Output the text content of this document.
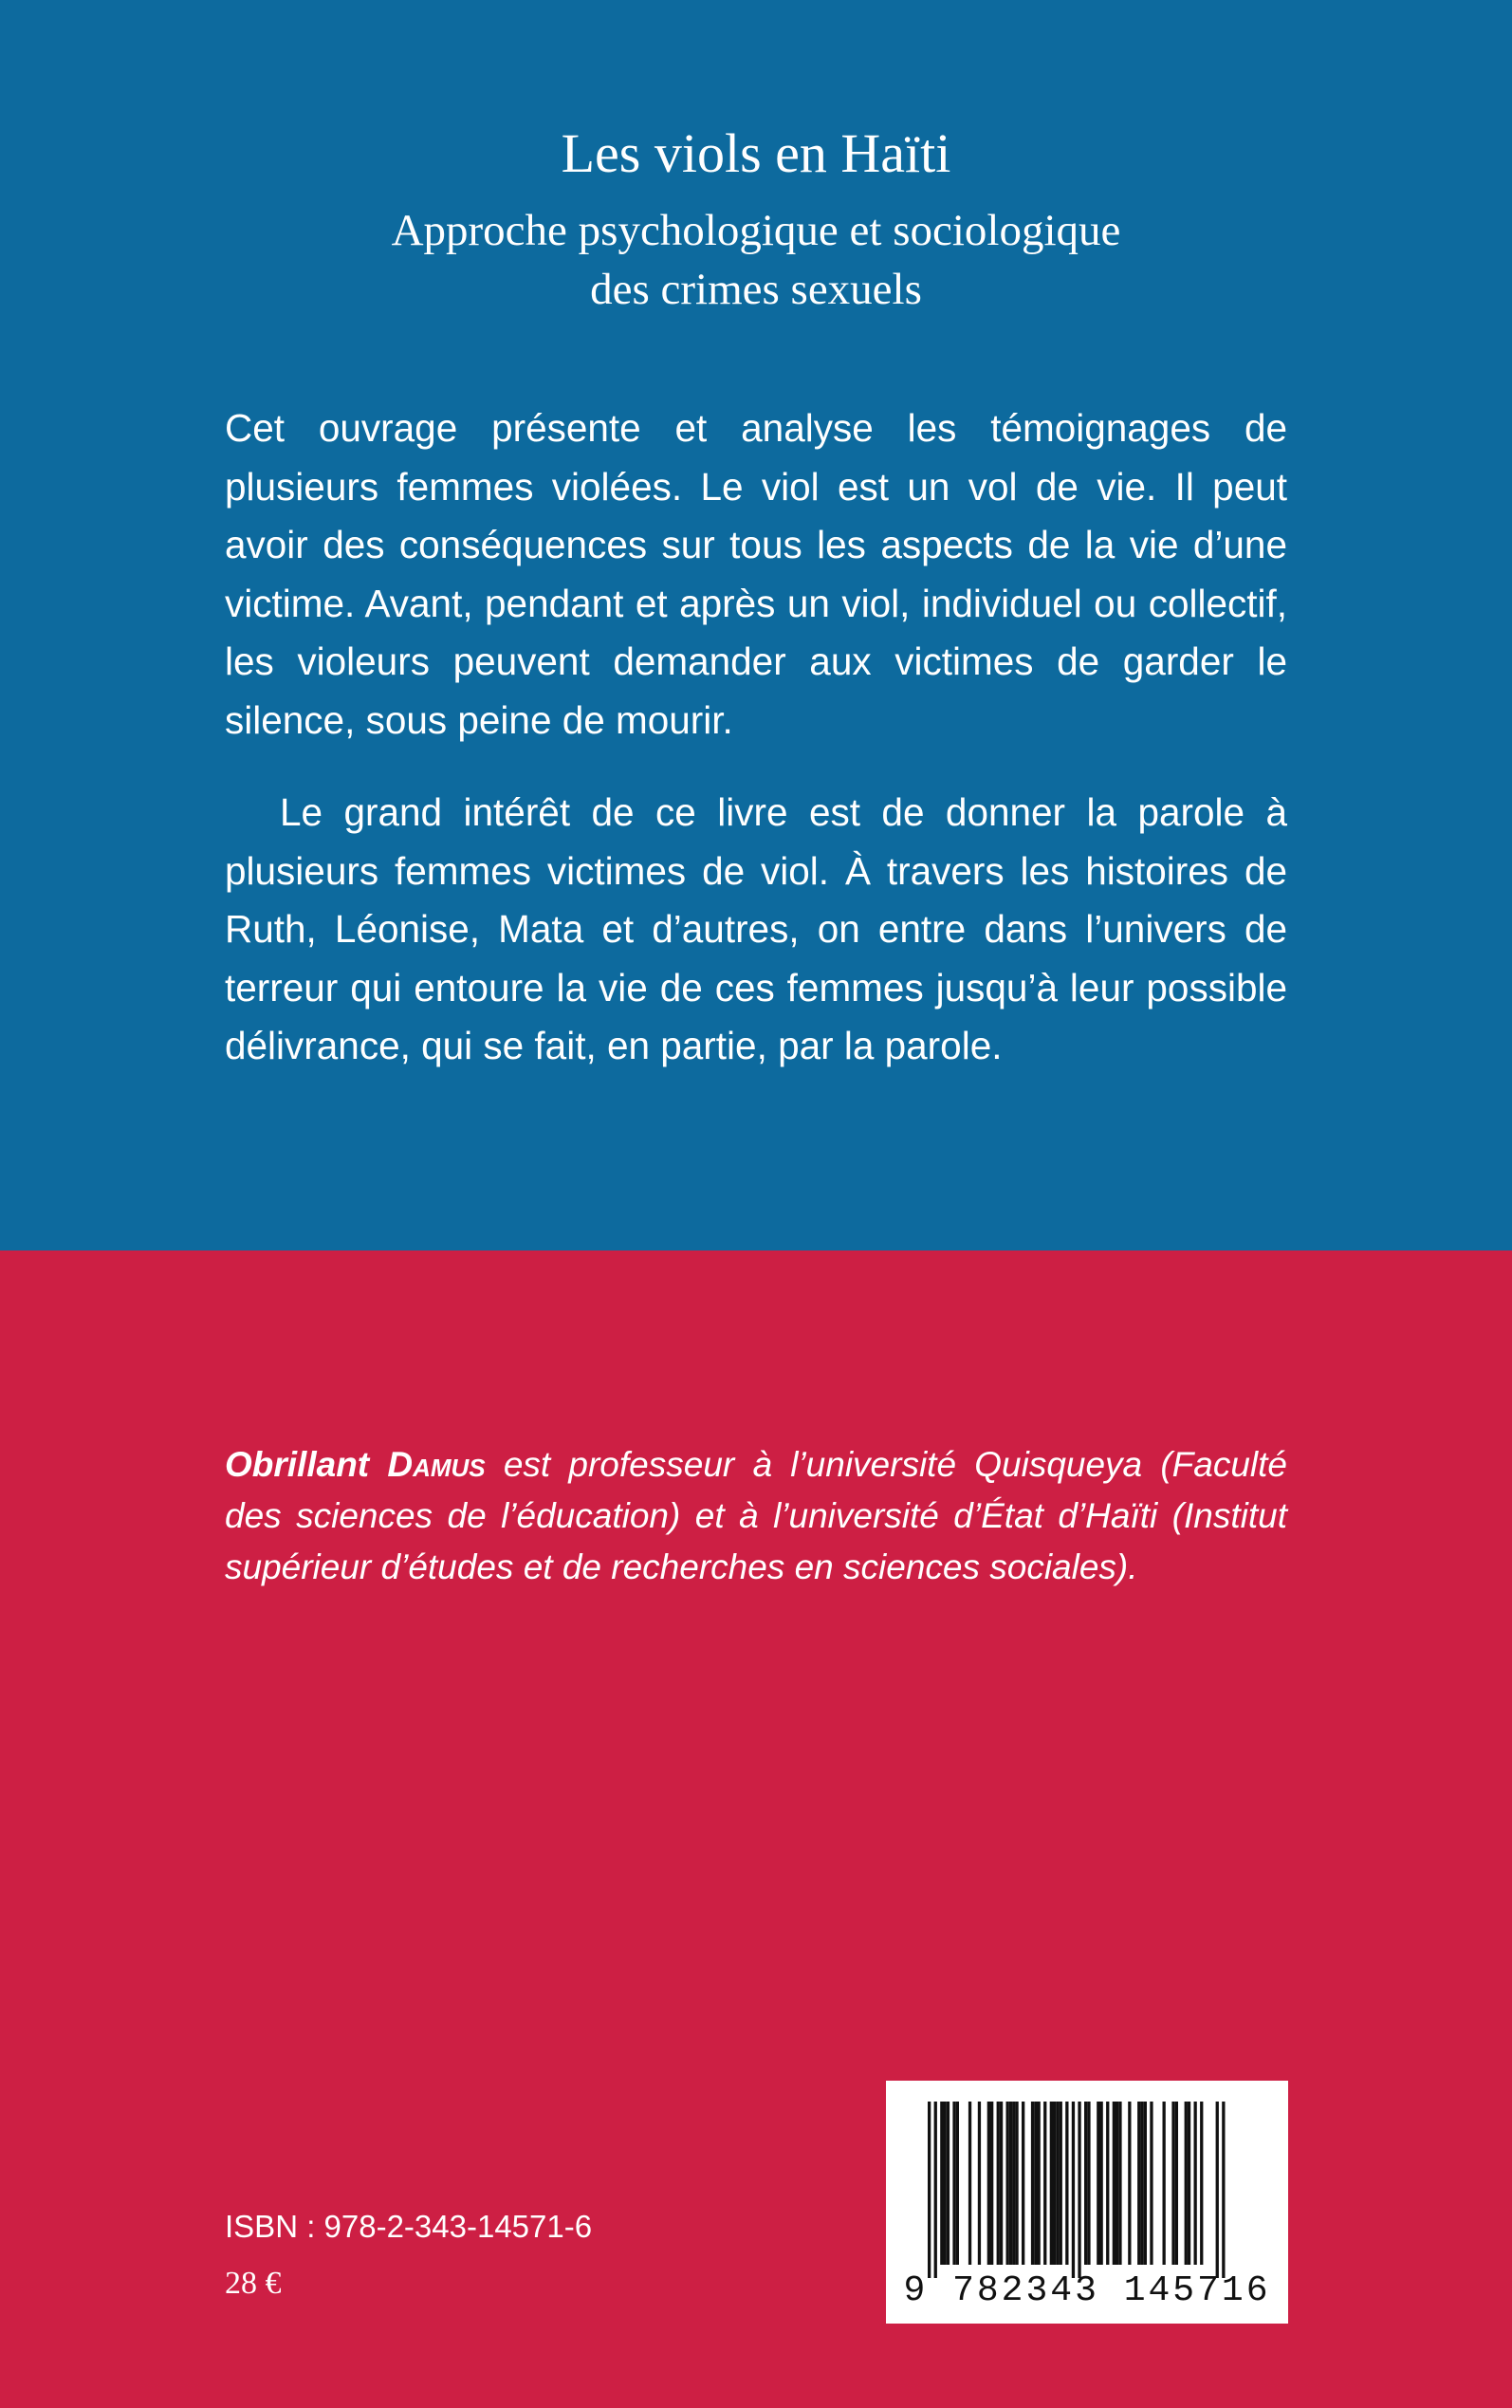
Les viols en Haïti
Approche psychologique et sociologique
des crimes sexuels

Cet ouvrage présente et analyse les témoignages de plusieurs femmes violées. Le viol est un vol de vie. Il peut avoir des conséquences sur tous les aspects de la vie d’une victime. Avant, pendant et après un viol, individuel ou collectif, les violeurs peuvent demander aux victimes de garder le silence, sous peine de mourir.

Le grand intérêt de ce livre est de donner la parole à plusieurs femmes victimes de viol. À travers les histoires de Ruth, Léonise, Mata et d’autres, on entre dans l’univers de terreur qui entoure la vie de ces femmes jusqu’à leur possible délivrance, qui se fait, en partie, par la parole.

Obrillant Damus est professeur à l’université Quisqueya (Faculté des sciences de l’éducation) et à l’université d’État d’Haïti (Institut supérieur d’études et de recherches en sciences sociales).
ISBN : 978-2-343-14571-6
28 €	9 782343 145716
